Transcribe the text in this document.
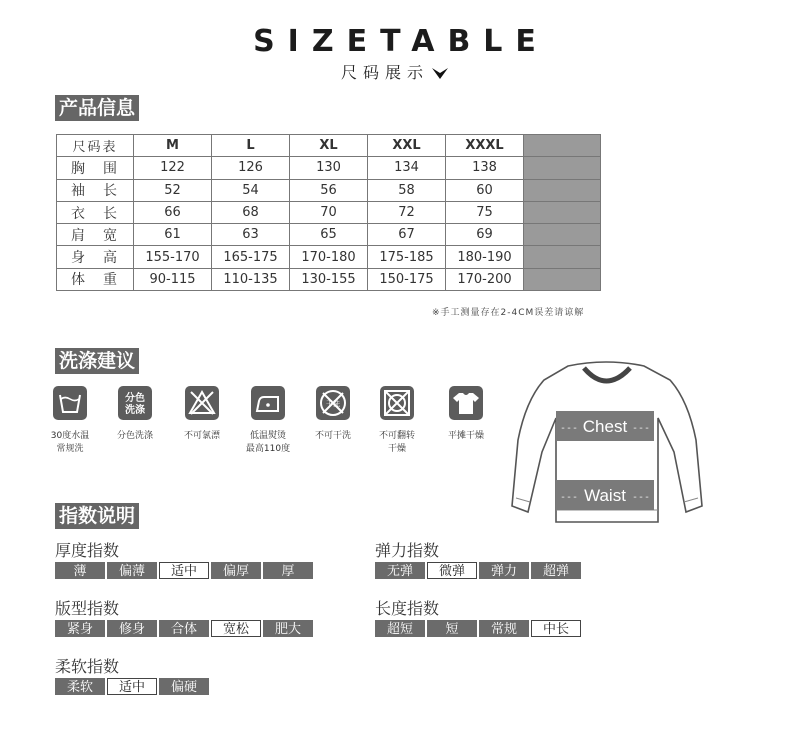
SIZETABLE
尺码展示
产品信息
尺码表	M	L	XL	XXL	XXXL	
胸　围	122	126	130	134	138	
袖　长	52	54	56	58	60	
衣　长	66	68	70	72	75	
肩　宽	61	63	65	67	69	
身　高	155-170	165-175	170-180	175-185	180-190	
体　重	90-115	110-135	130-155	150-175	170-200	
※手工测量存在2-4CM误差请谅解
洗涤建议
30度水温
常规洗
分色
洗涤
分色洗涤	不可氯漂	低温熨烫
最高110度
干洗
不可干洗	不可翻转
干燥
平摊干燥
---	---
---	---
Chest
Waist
指数说明
厚度指数
薄 偏薄 适中 偏厚 厚
弹力指数
无弹 微弹 弹力 超弹
版型指数
紧身 修身 合体 宽松 肥大
长度指数
超短 短 常规 中长
柔软指数
柔软 适中 偏硬
